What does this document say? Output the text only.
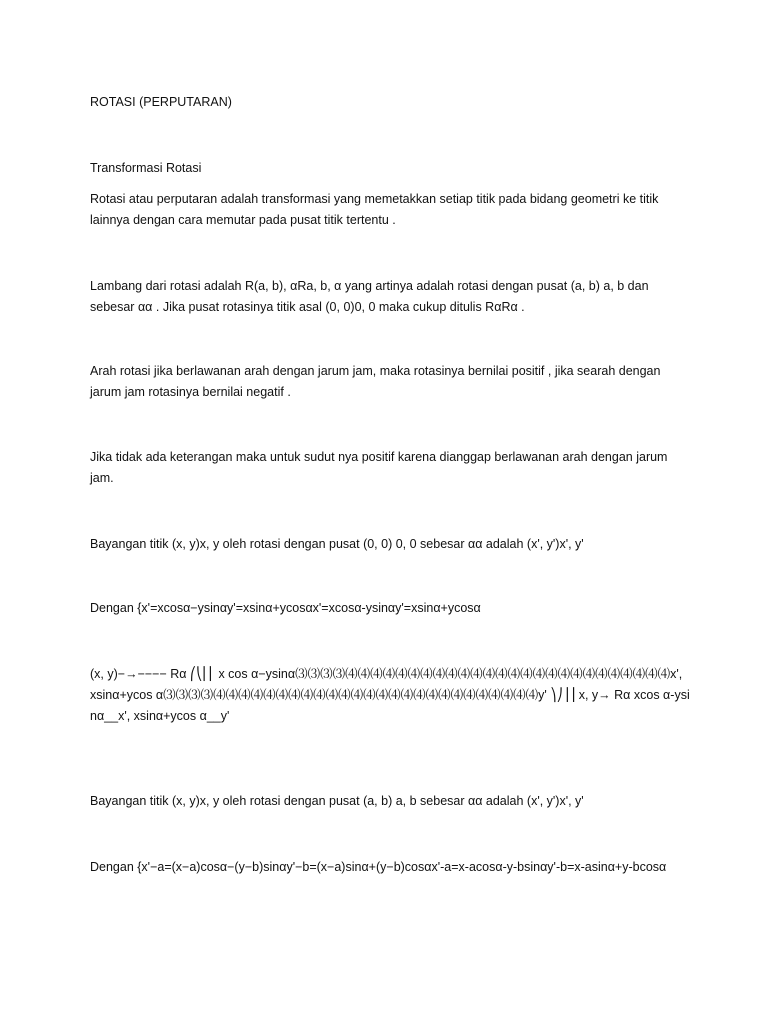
ROTASI (PERPUTARAN)

Transformasi Rotasi

Rotasi atau perputaran adalah transformasi yang memetakkan setiap titik pada bidang geometri ke titik lainnya dengan cara memutar pada pusat titik tertentu .

Lambang dari rotasi adalah R(a, b), αRa, b, α yang artinya adalah rotasi dengan pusat (a, b) a, b dan sebesar αα . Jika pusat rotasinya titik asal (0, 0)0, 0 maka cukup ditulis RαRα .

Arah rotasi jika berlawanan arah dengan jarum jam, maka rotasinya bernilai positif , jika searah dengan jarum jam rotasinya bernilai negatif .

Jika tidak ada keterangan maka untuk sudut nya positif karena dianggap berlawanan arah dengan jarum jam.

Bayangan titik (x, y)x, y oleh rotasi dengan pusat (0, 0) 0, 0 sebesar αα adalah (x', y')x', y'

Dengan {x'=xcosα−ysinαy'=xsinα+ycosαx'=xcosα-ysinαy'=xsinα+ycosα

(x, y)−→−−−− Rα ⎛⎝⎜⎜ x cos α−ysinα⑶⑶⑶⑶⑷⑷⑷⑷⑷⑷⑷⑷⑷⑷⑷⑷⑷⑷⑷⑷⑷⑷⑷⑷⑷⑷⑷⑷⑷⑷x', xsinα+ycos α⑶⑶⑶⑶⑷⑷⑷⑷⑷⑷⑷⑷⑷⑷⑷⑷⑷⑷⑷⑷⑷⑷⑷⑷⑷⑷⑷⑷⑷⑷y' ⎞⎠⎟⎟ x, y→ Rα xcos α-ysinα__x', xsinα+ycos α__y'

Bayangan titik (x, y)x, y oleh rotasi dengan pusat (a, b) a, b sebesar αα adalah (x', y')x', y'

Dengan {x'−a=(x−a)cosα−(y−b)sinαy'−b=(x−a)sinα+(y−b)cosαx'-a=x-acosα-y-bsinαy'-b=x-asinα+y-bcosα
